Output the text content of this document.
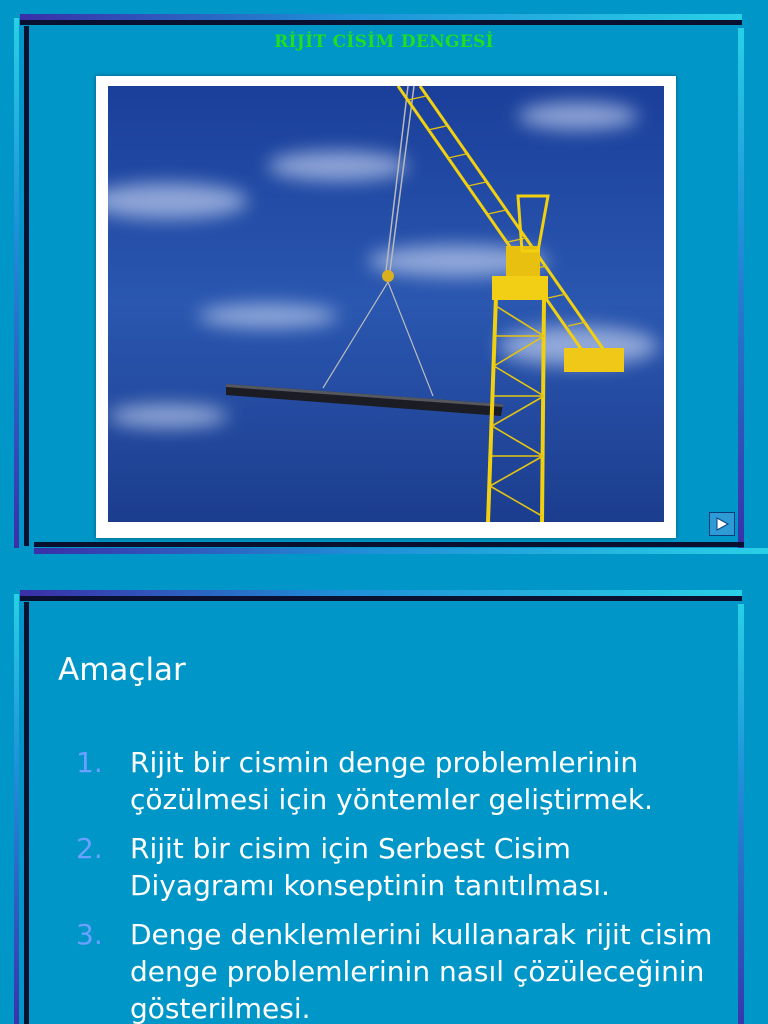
RİJİT CİSİM DENGESİ
Amaçlar
1. Rijit bir cismin denge problemlerinin çözülmesi için yöntemler geliştirmek.
2. Rijit bir cisim için Serbest Cisim Diyagramı konseptinin tanıtılması.
3. Denge denklemlerini kullanarak rijit cisim denge problemlerinin nasıl çözüleceğinin gösterilmesi.
